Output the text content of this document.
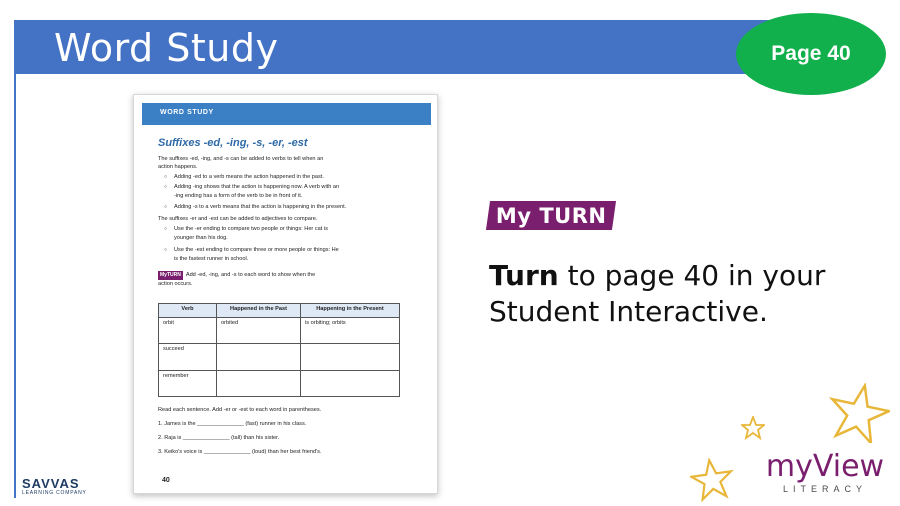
Word Study	Page 40
WORD STUDY
Suffixes -ed, -ing, -s, -er, -est
The suffixes -ed, -ing, and -s can be added to verbs to tell when an
action happens.
○ Adding -ed to a verb means the action happened in the past.
○ Adding -ing shows that the action is happening now. A verb with an
-ing ending has a form of the verb to be in front of it.
○ Adding -s to a verb means that the action is happening in the present.
The suffixes -er and -est can be added to adjectives to compare.
○ Use the -er ending to compare two people or things: Her cat is
younger than his dog.
○ Use the -est ending to compare three or more people or things: He
is the fastest runner in school.
MyTURN Add -ed, -ing, and -s to each word to show when the
action occurs.
Verb	Happened in the Past	Happening in the Present
orbit	orbited	is orbiting; orbits
succeed		
remember		
Read each sentence. Add -er or -est to each word in parentheses.
1. James is the _______________ (fast) runner in his class.
2. Raja is _______________ (tall) than his sister.
3. Keiko's voice is _______________ (loud) than her best friend's.
40
My TURN
Turn to page 40 in your Student Interactive.
SAVVAS
LEARNING COMPANY
myView
LITERACY
